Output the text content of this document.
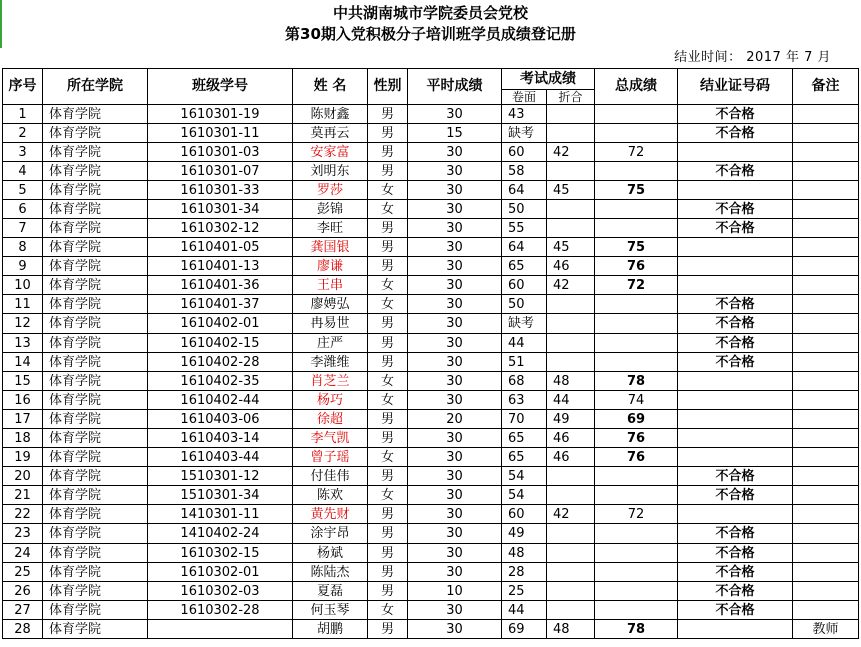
中共湖南城市学院委员会党校
第30期入党积极分子培训班学员成绩登记册
结业时间： 2017 年 7 月
序号	所在学院	班级学号	姓 名	性别	平时成绩	考试成绩		总成绩	结业证号码	备注
						卷面	折合			
1	体育学院	1610301-19	陈财鑫	男	30	43			不合格	
2	体育学院	1610301-11	莫再云	男	15	缺考			不合格	
3	体育学院	1610301-03	安家富	男	30	60	42	72		
4	体育学院	1610301-07	刘明东	男	30	58			不合格	
5	体育学院	1610301-33	罗莎	女	30	64	45	75		
6	体育学院	1610301-34	彭锦	女	30	50			不合格	
7	体育学院	1610302-12	李旺	男	30	55			不合格	
8	体育学院	1610401-05	龚国银	男	30	64	45	75		
9	体育学院	1610401-13	廖谦	男	30	65	46	76		
10	体育学院	1610401-36	王串	女	30	60	42	72		
11	体育学院	1610401-37	廖娉弘	女	30	50			不合格	
12	体育学院	1610402-01	冉易世	男	30	缺考			不合格	
13	体育学院	1610402-15	庄严	男	30	44			不合格	
14	体育学院	1610402-28	李潍维	男	30	51			不合格	
15	体育学院	1610402-35	肖芝兰	女	30	68	48	78		
16	体育学院	1610402-44	杨巧	女	30	63	44	74		
17	体育学院	1610403-06	徐超	男	20	70	49	69		
18	体育学院	1610403-14	李气凯	男	30	65	46	76		
19	体育学院	1610403-44	曾子瑶	女	30	65	46	76		
20	体育学院	1510301-12	付佳伟	男	30	54			不合格	
21	体育学院	1510301-34	陈欢	女	30	54			不合格	
22	体育学院	1410301-11	黄先财	男	30	60	42	72		
23	体育学院	1410402-24	涂宇昂	男	30	49			不合格	
24	体育学院	1610302-15	杨斌	男	30	48			不合格	
25	体育学院	1610302-01	陈陆杰	男	30	28			不合格	
26	体育学院	1610302-03	夏磊	男	10	25			不合格	
27	体育学院	1610302-28	何玉琴	女	30	44			不合格	
28	体育学院		胡鹏	男	30	69	48	78		教师
